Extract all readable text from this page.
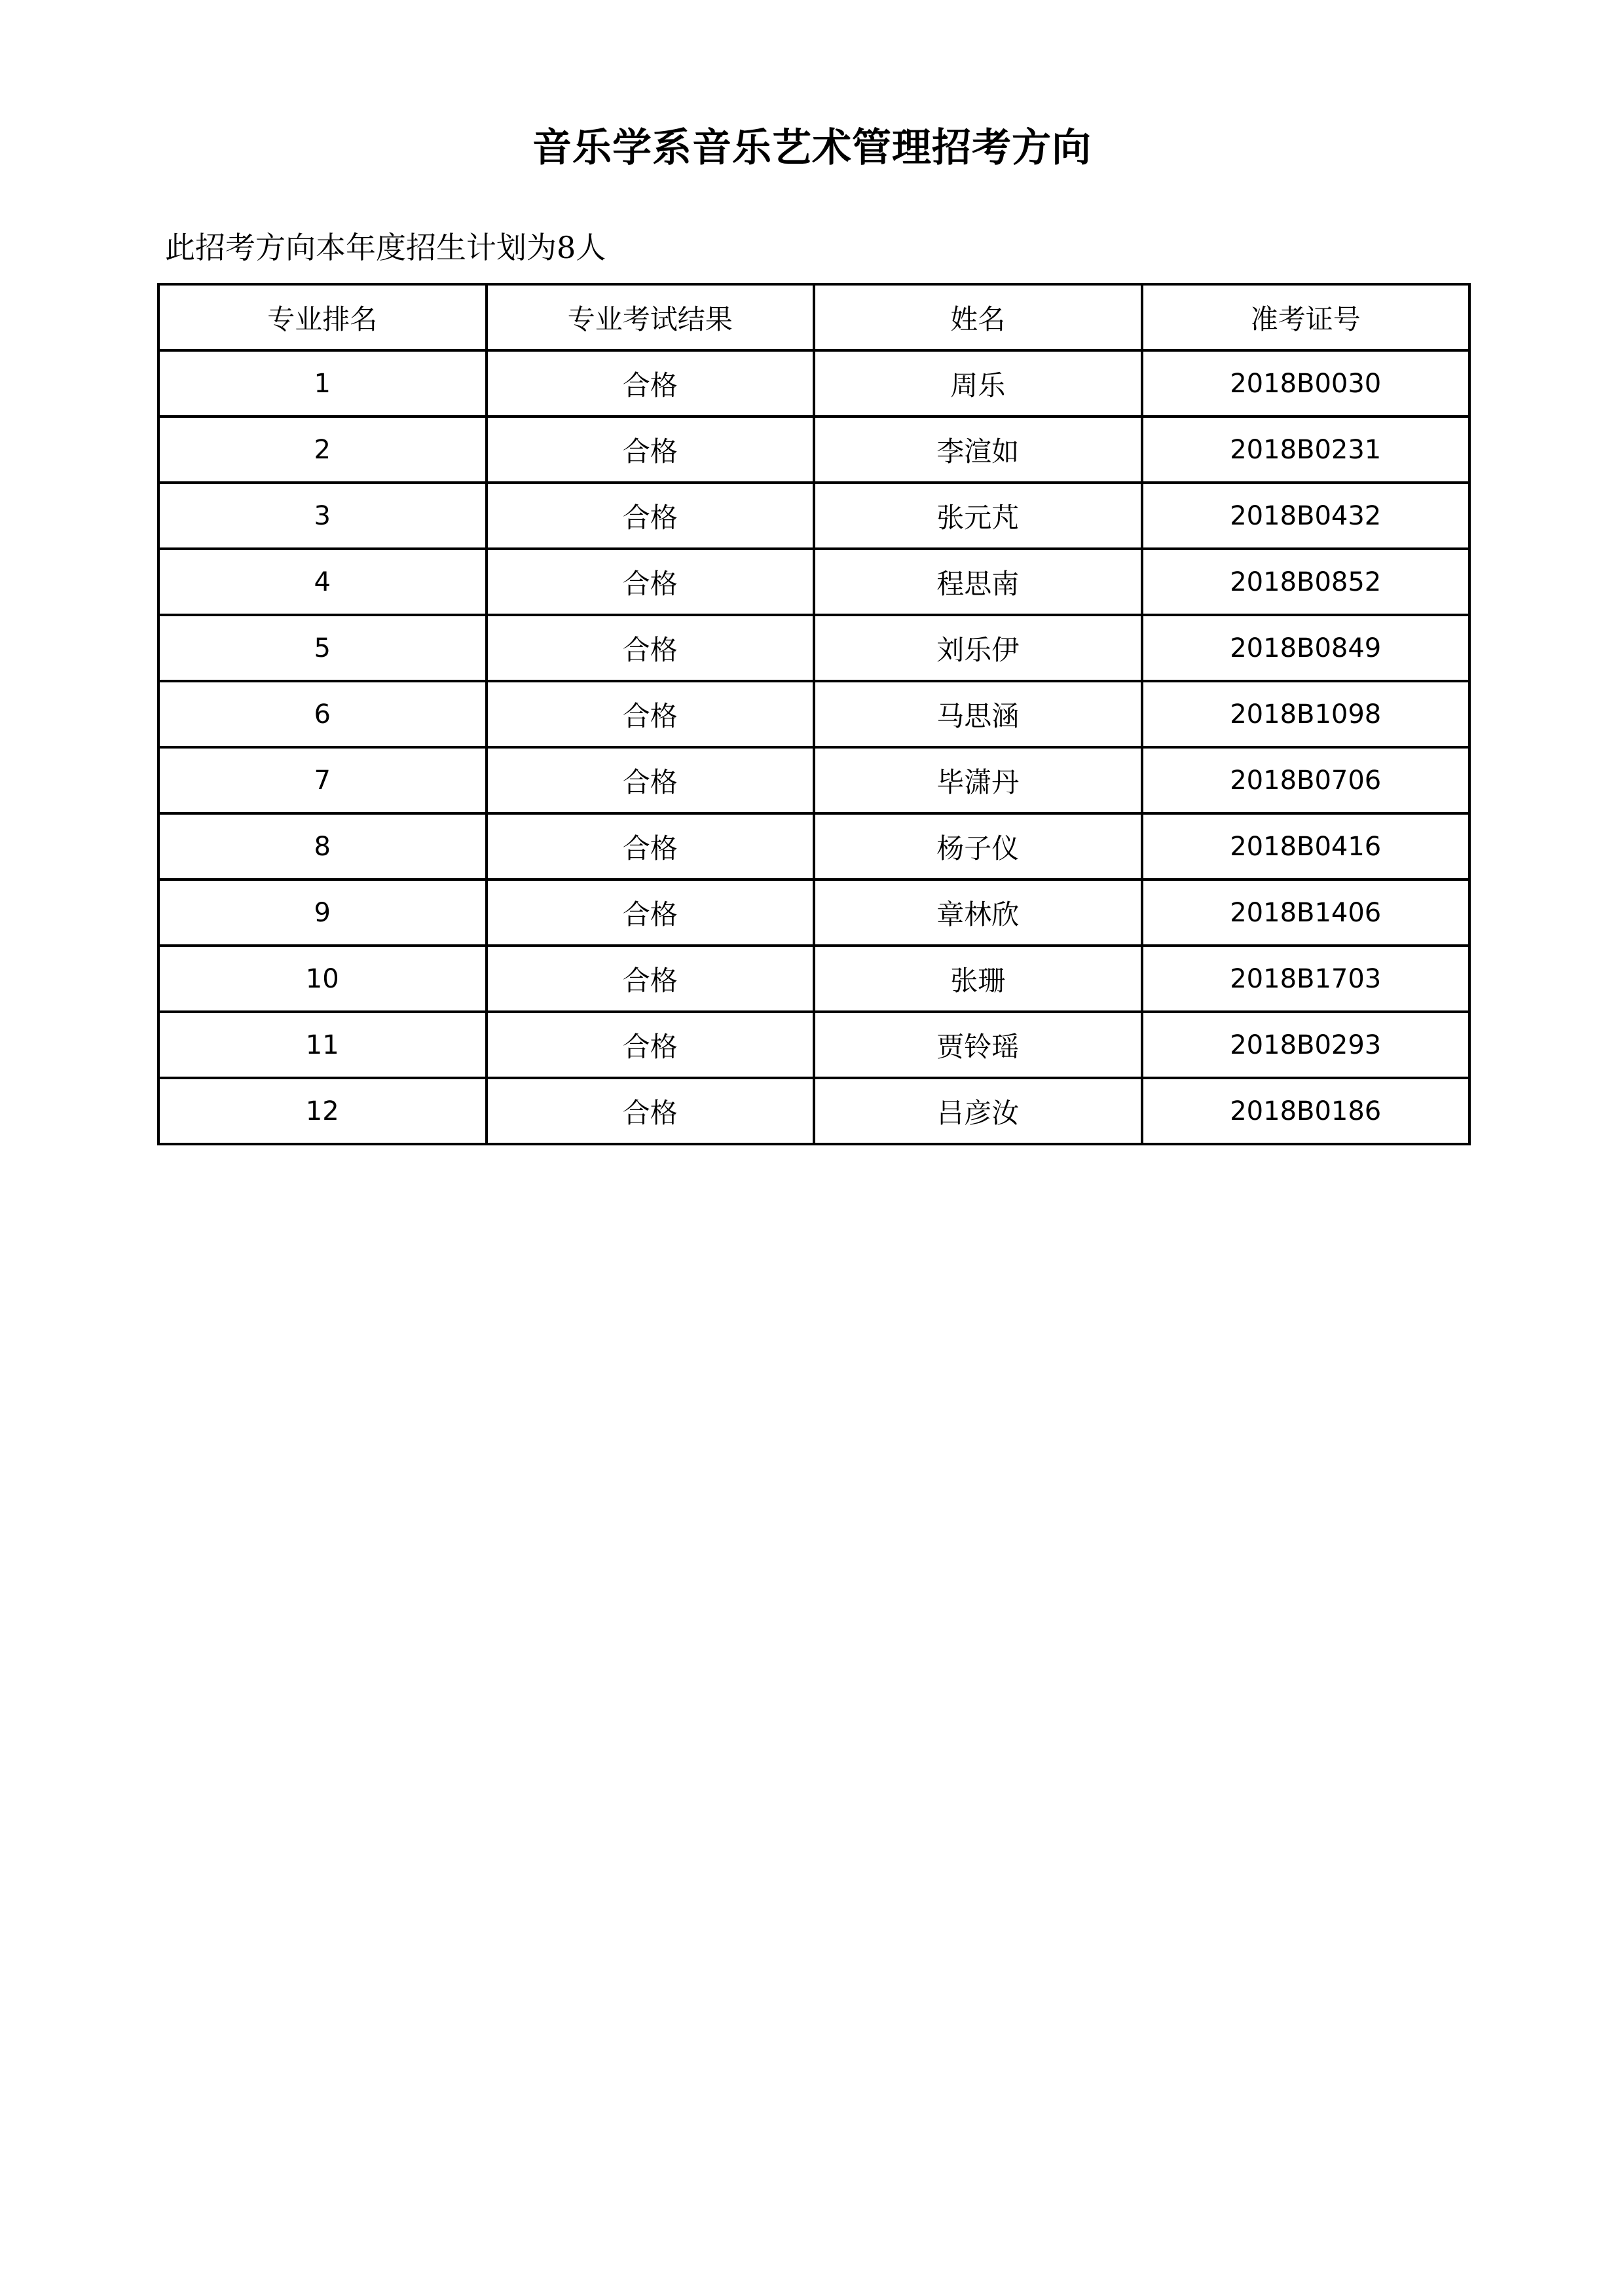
音乐学系音乐艺术管理招考方向
此招考方向本年度招生计划为8人
专业排名	专业考试结果	姓名	准考证号
1	合格	周乐	2018B0030
2	合格	李渲如	2018B0231
3	合格	张元芃	2018B0432
4	合格	程思南	2018B0852
5	合格	刘乐伊	2018B0849
6	合格	马思涵	2018B1098
7	合格	毕潇丹	2018B0706
8	合格	杨子仪	2018B0416
9	合格	章林欣	2018B1406
10	合格	张珊	2018B1703
11	合格	贾铃瑶	2018B0293
12	合格	吕彦汝	2018B0186
